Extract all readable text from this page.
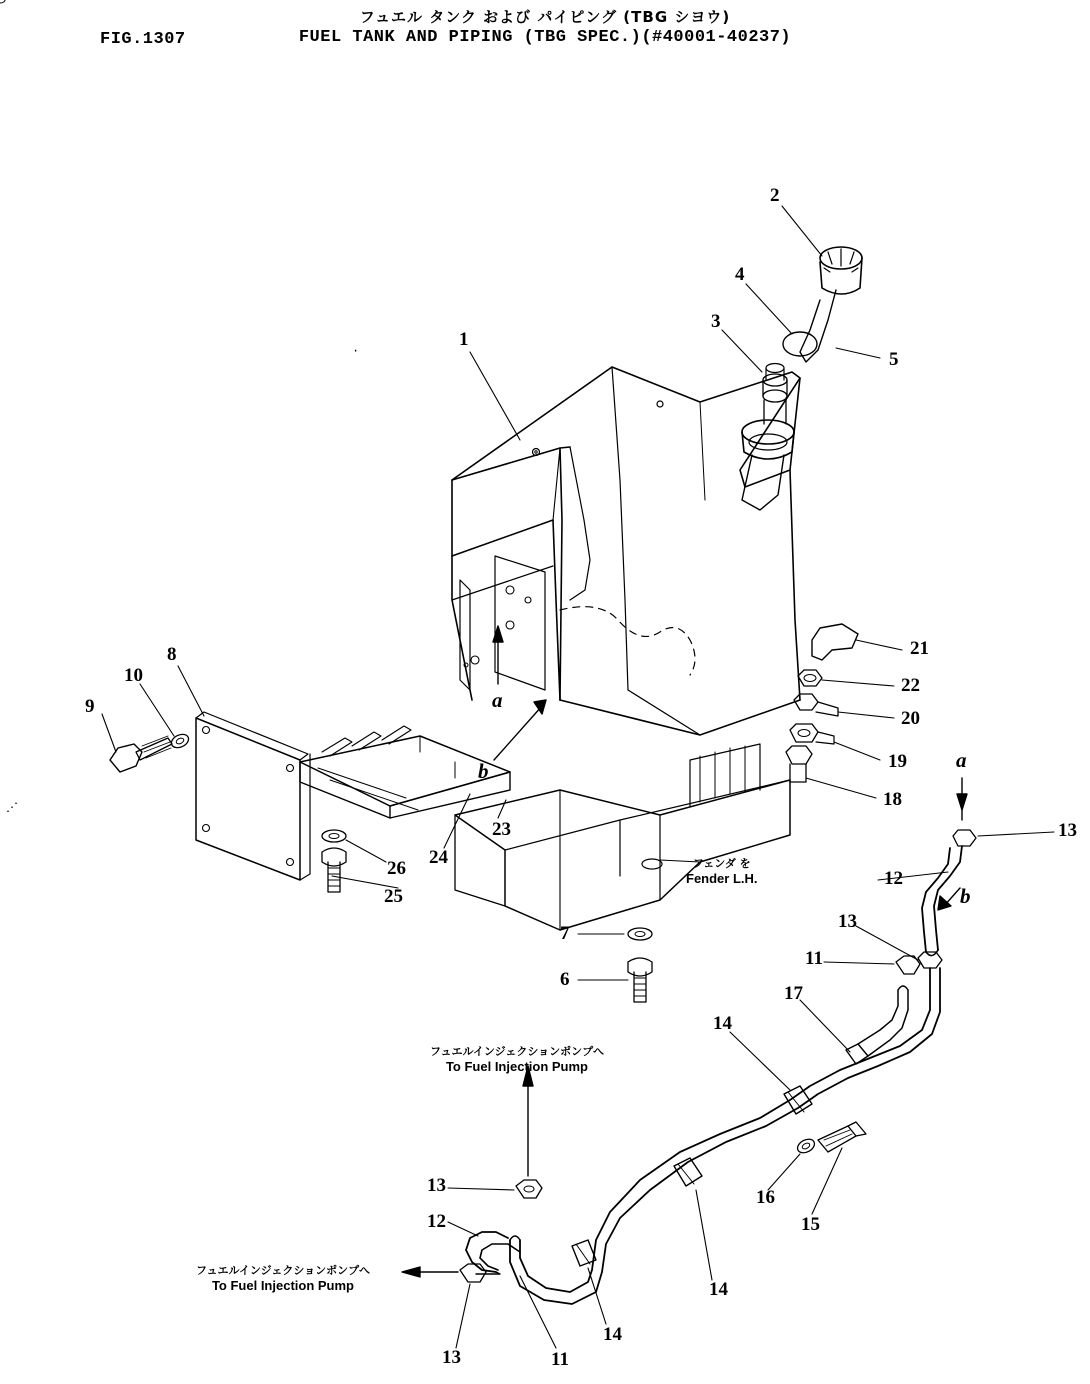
フュエル タンク および パイピング (TBG シヨウ)
FUEL TANK AND PIPING (TBG SPEC.)(#40001-40237)
FIG.1307
1
2
3
4
5
6
7
8
9
10
11
11
12
12
13
13
13
13
14
14
14
15
16
17
18
19
20
21
22
23
24
25
26
a
b	a
b
フェンダ を
Fender L.H.
フュエルインジェクションポンプへ
To Fuel Injection Pump
フュエルインジェクションポンプへ
To Fuel Injection Pump
⋰
·
